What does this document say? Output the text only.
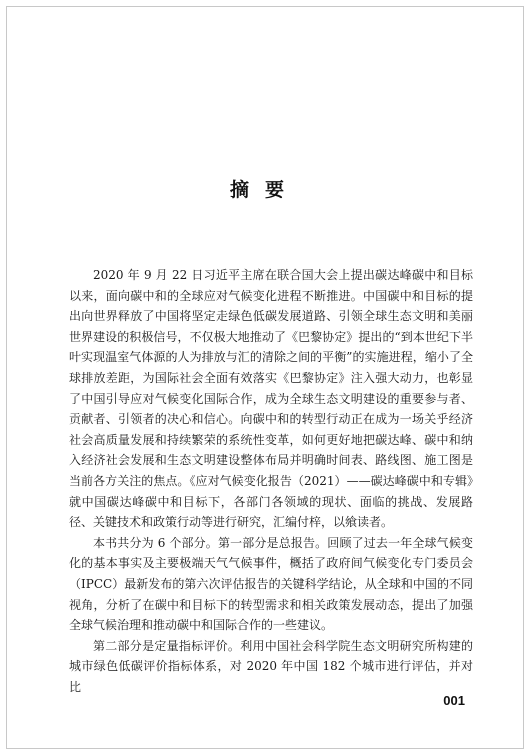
摘要

2020 年 9 月 22 日习近平主席在联合国大会上提出碳达峰碳中和目标以来，面向碳中和的全球应对气候变化进程不断推进。中国碳中和目标的提出向世界释放了中国将坚定走绿色低碳发展道路、引领全球生态文明和美丽世界建设的积极信号，不仅极大地推动了《巴黎协定》提出的“到本世纪下半叶实现温室气体源的人为排放与汇的清除之间的平衡”的实施进程，缩小了全球排放差距，为国际社会全面有效落实《巴黎协定》注入强大动力，也彰显了中国引导应对气候变化国际合作，成为全球生态文明建设的重要参与者、贡献者、引领者的决心和信心。向碳中和的转型行动正在成为一场关乎经济社会高质量发展和持续繁荣的系统性变革，如何更好地把碳达峰、碳中和纳入经济社会发展和生态文明建设整体布局并明确时间表、路线图、施工图是当前各方关注的焦点。《应对气候变化报告（2021）——碳达峰碳中和专辑》就中国碳达峰碳中和目标下，各部门各领域的现状、面临的挑战、发展路径、关键技术和政策行动等进行研究，汇编付梓，以飨读者。

本书共分为 6 个部分。第一部分是总报告。回顾了过去一年全球气候变化的基本事实及主要极端天气气候事件，概括了政府间气候变化专门委员会（IPCC）最新发布的第六次评估报告的关键科学结论，从全球和中国的不同视角，分析了在碳中和目标下的转型需求和相关政策发展动态，提出了加强全球气候治理和推动碳中和国际合作的一些建议。

第二部分是定量指标评价。利用中国社会科学院生态文明研究所构建的城市绿色低碳评价指标体系，对 2020 年中国 182 个城市进行评估，并对比

001
